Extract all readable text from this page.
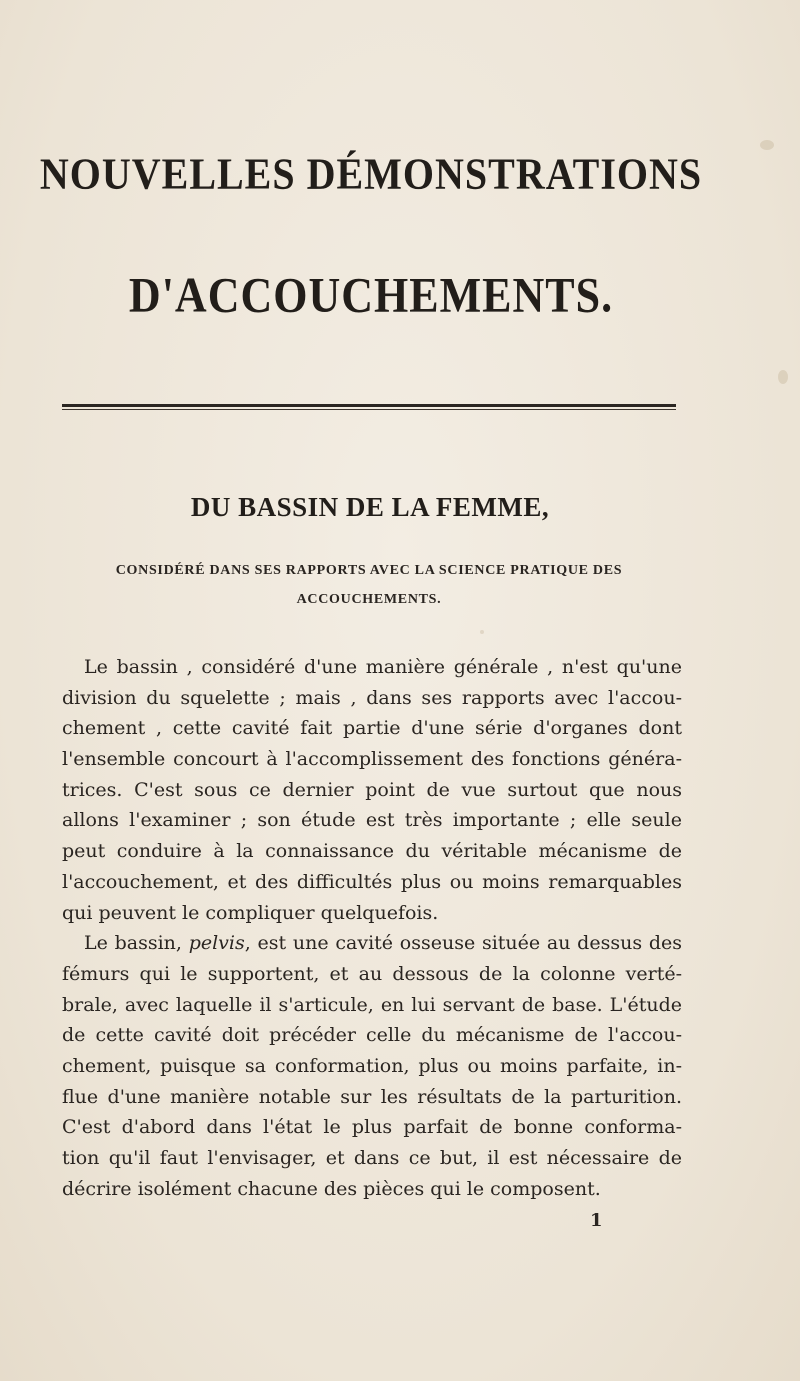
NOUVELLES DÉMONSTRATIONS
D'ACCOUCHEMENTS.
DU BASSIN DE LA FEMME,
CONSIDÉRÉ DANS SES RAPPORTS AVEC LA SCIENCE PRATIQUE DES
ACCOUCHEMENTS.
Le bassin , considéré d'une manière générale , n'est qu'une
division du squelette ; mais , dans ses rapports avec l'accou-
chement , cette cavité fait partie d'une série d'organes dont
l'ensemble concourt à l'accomplissement des fonctions généra-
trices. C'est sous ce dernier point de vue surtout que nous
allons l'examiner ; son étude est très importante ; elle seule
peut conduire à la connaissance du véritable mécanisme de
l'accouchement, et des difficultés plus ou moins remarquables
qui peuvent le compliquer quelquefois.
Le bassin, pelvis, est une cavité osseuse située au dessus des
fémurs qui le supportent, et au dessous de la colonne verté-
brale, avec laquelle il s'articule, en lui servant de base. L'étude
de cette cavité doit précéder celle du mécanisme de l'accou-
chement, puisque sa conformation, plus ou moins parfaite, in-
flue d'une manière notable sur les résultats de la parturition.
C'est d'abord dans l'état le plus parfait de bonne conforma-
tion qu'il faut l'envisager, et dans ce but, il est nécessaire de
décrire isolément chacune des pièces qui le composent.
1
